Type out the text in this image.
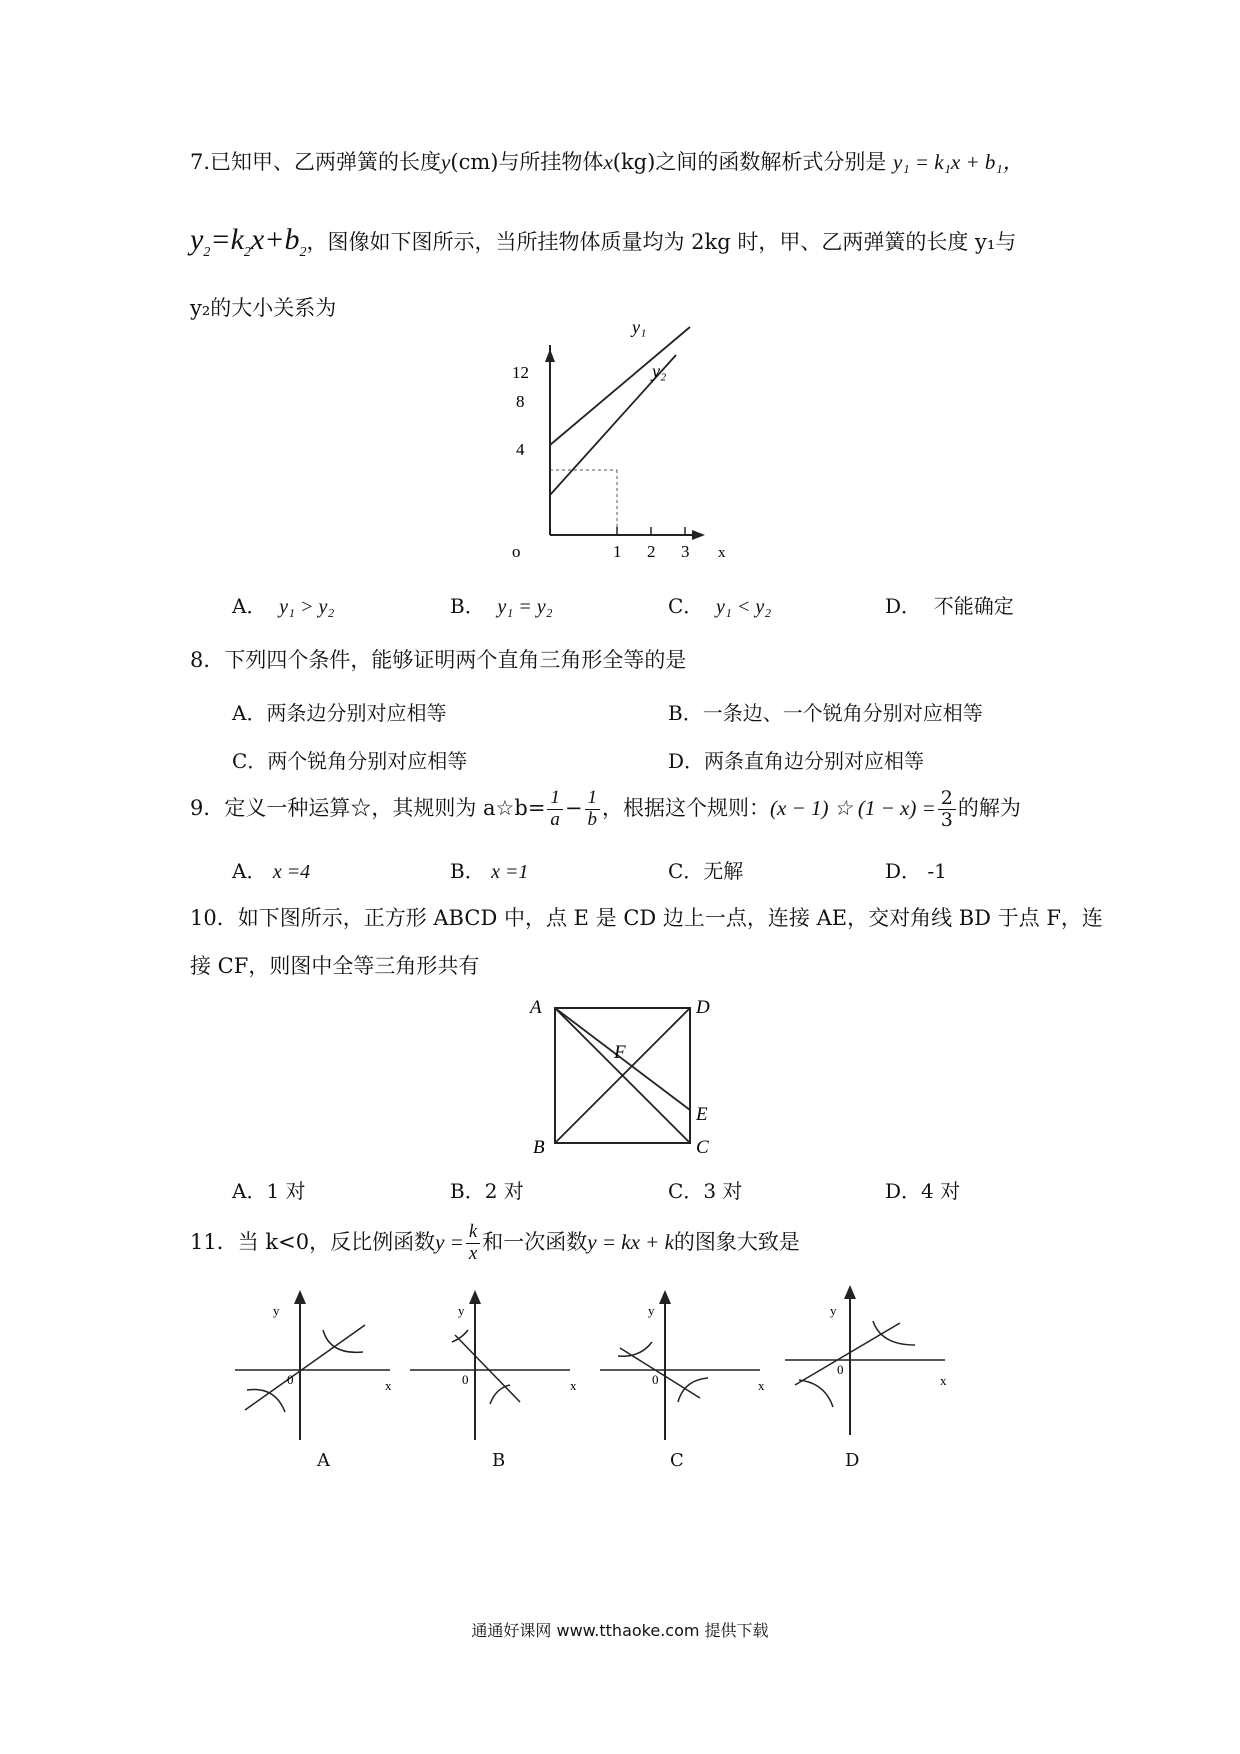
7.已知甲、乙两弹簧的长度y(cm)与所挂物体x(kg)之间的函数解析式分别是 y₁ = k₁x + b₁，
$y_2=k_2x+b_2$，图像如下图所示，当所挂物体质量均为 2kg 时，甲、乙两弹簧的长度 y₁与
y₂的大小关系为
12
8
4
o	1 2 3 x
y₁
y₂
A． y₁ > y₂	B． y₁ = y₂	C． y₁ < y₂	D． 不能确定
8．下列四个条件，能够证明两个直角三角形全等的是
A．两条边分别对应相等	B．一条边、一个锐角分别对应相等
C．两个锐角分别对应相等	D．两条直角边分别对应相等
9．定义一种运算☆，其规则为 a☆b= $\frac{1}{a} - \frac{1}{b}$ ，根据这个规则：(x − 1) ☆ $(1 - x) = \frac{2}{3}$ 的解为
A． x =4	B． x =1	C．无解	D． -1
10．如下图所示，正方形 ABCD 中，点 E 是 CD 边上一点，连接 AE，交对角线 BD 于点 F，连
接 CF，则图中全等三角形共有
A	D
B	C
E
F
A．1 对	B．2 对	C．3 对	D．4 对
11．当 k<0，反比例函数$y = \frac{k}{x}$ 和一次函数y = kx + k的图象大致是
y
x
0
A
y
x
0
B
y
x
0
C
y
x
0
D
通通好课网 www.tthaoke.com 提供下载
